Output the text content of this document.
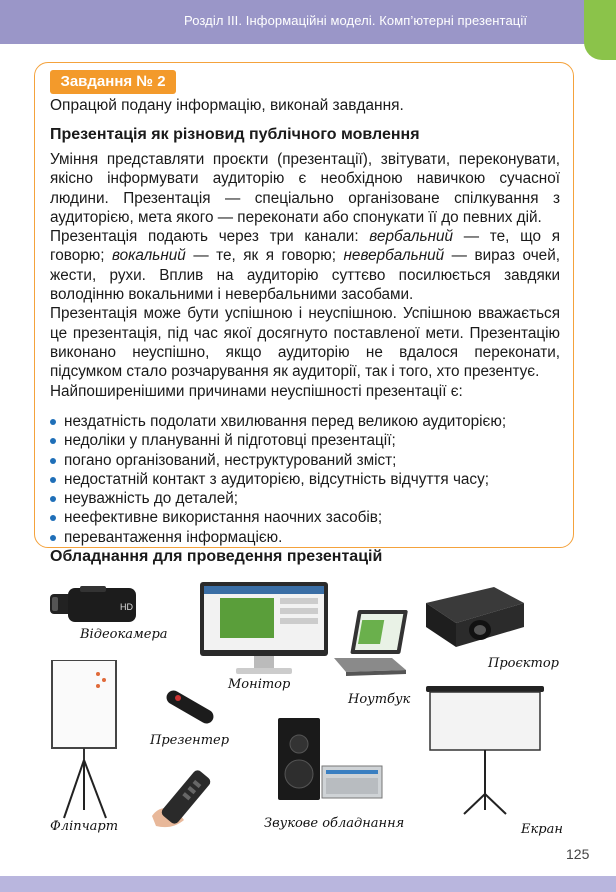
Розділ ІІІ. Інформаційні моделі. Комп’ютерні презентації
Завдання № 2
Опрацюй подану інформацію, виконай завдання.
Презентація як різновид публічного мовлення

Уміння представляти проєкти (презентації), звітувати, переконувати, якісно інформувати аудиторію є необхідною навичкою сучасної людини. Презентація — спеціально організоване спілкування з аудиторією, мета якого — переконати або спонукати її до певних дій.

Презентація подають через три канали: вербальний — те, що я говорю; вокальний — те, як я говорю; невербальний — вираз очей, жести, рухи. Вплив на аудиторію суттєво посилюється завдяки володінню вокальними і невербальними засобами.

Презентація може бути успішною і неуспішною. Успішною вважається це презентація, під час якої досягнуто поставленої мети. Презентацію виконано неуспішно, якщо аудиторію не вдалося переконати, підсумком стало розчарування як аудиторії, так і того, хто презентує.

Найпоширенішими причинами неуспішності презентації є:

нездатність подолати хвилювання перед великою аудиторією;
недоліки у плануванні й підготовці презентації;
погано організований, неструктурований зміст;
недостатній контакт з аудиторією, відсутність відчуття часу;
неуважність до деталей;
неефективне використання наочних засобів;
перевантаження інформацією.
Обладнання для проведення презентацій
HD
Відеокамера
Монітор
Ноутбук
Проєктор
Презентер
Фліпчарт	Звукове обладнання	Екран
125
